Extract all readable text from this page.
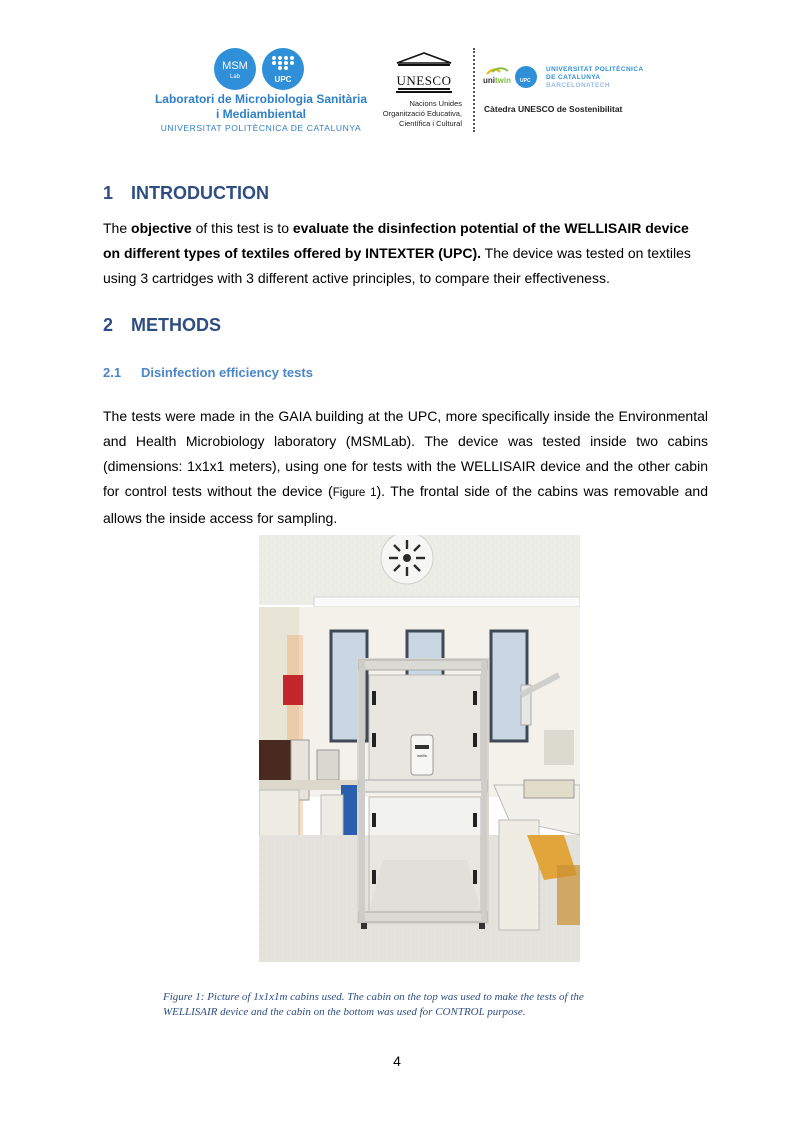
MSM
Lab	UPC
Laboratori de Microbiologia Sanitària
i Mediambiental
UNIVERSITAT POLITÈCNICA DE CATALUNYA
UNESCO
Nacions Unides
Organització Educativa,
Científica i Cultural
unitwin UPC
UNIVERSITAT POLITÈCNICA
DE CATALUNYA
BARCELONATECH
Càtedra UNESCO de Sostenibilitat
1 INTRODUCTION

The objective of this test is to evaluate the disinfection potential of the WELLISAIR device on different types of textiles offered by INTEXTER (UPC). The device was tested on textiles using 3 cartridges with 3 different active principles, to compare their effectiveness.

2 METHODS
2.1 Disinfection efficiency tests

The tests were made in the GAIA building at the UPC, more specifically inside the Environmental and Health Microbiology laboratory (MSMLab). The device was tested inside two cabins (dimensions: 1x1x1 meters), using one for tests with the WELLISAIR device and the other cabin for control tests without the device (Figure 1). The frontal side of the cabins was removable and allows the inside access for sampling.

wellis

Figure 1: Picture of 1x1x1m cabins used. The cabin on the top was used to make the tests of the WELLISAIR device and the cabin on the bottom was used for CONTROL purpose.

4
